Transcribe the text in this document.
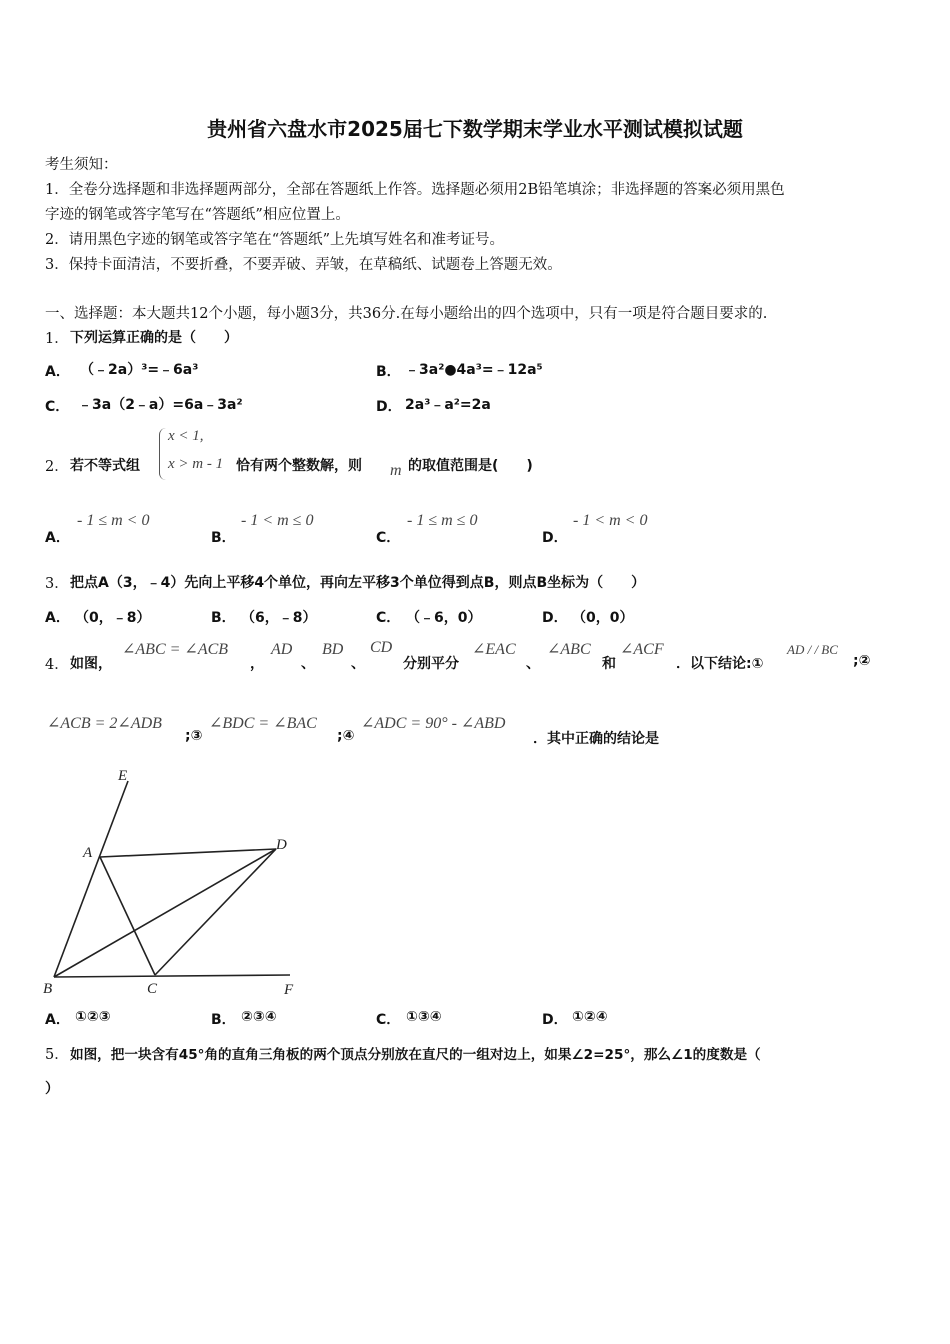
贵州省六盘水市2025届七下数学期末学业水平测试模拟试题
考生须知：
1．全卷分选择题和非选择题两部分，全部在答题纸上作答。选择题必须用2B铅笔填涂；非选择题的答案必须用黑色
字迹的钢笔或答字笔写在“答题纸”相应位置上。
2．请用黑色字迹的钢笔或答字笔在“答题纸”上先填写姓名和准考证号。
3．保持卡面清洁，不要折叠，不要弄破、弄皱，在草稿纸、试题卷上答题无效。
一、选择题：本大题共12个小题，每小题3分，共36分.在每小题给出的四个选项中，只有一项是符合题目要求的.
1． 下列运算正确的是（　　）
A． （﹣2a）³=﹣6a³	B． ﹣3a²●4a³=﹣12a⁵
C． ﹣3a（2﹣a）=6a﹣3a²	D． 2a³﹣a²=2a
2． 若不等式组
x < 1,
x > m - 1 恰有两个整数解，则 m 的取值范围是(　　)
A．
- 1 ≤ m < 0
B．
- 1 < m ≤ 0
C．
- 1 ≤ m ≤ 0
D．
- 1 < m < 0
3． 把点A（3，﹣4）先向上平移4个单位，再向左平移3个单位得到点B，则点B坐标为（　　）
A． （0，﹣8）	B． （6，﹣8）	C． （﹣6，0）	D． （0，0）
4． 如图，
∠ABC = ∠ACB
，
AD
、
BD
、
CD
分别平分
∠EAC
、
∠ABC
和
∠ACF
．以下结论:①
AD / / BC
;②
∠ACB = 2∠ADB
;③
∠BDC = ∠BAC
;④
∠ADC = 90° - ∠ABD
．其中正确的结论是
E
A	D
B	C	F
A． ①②③	B． ②③④	C． ①③④	D． ①②④
5． 如图，把一块含有45°角的直角三角板的两个顶点分别放在直尺的一组对边上，如果∠2=25°，那么∠1的度数是（
）
